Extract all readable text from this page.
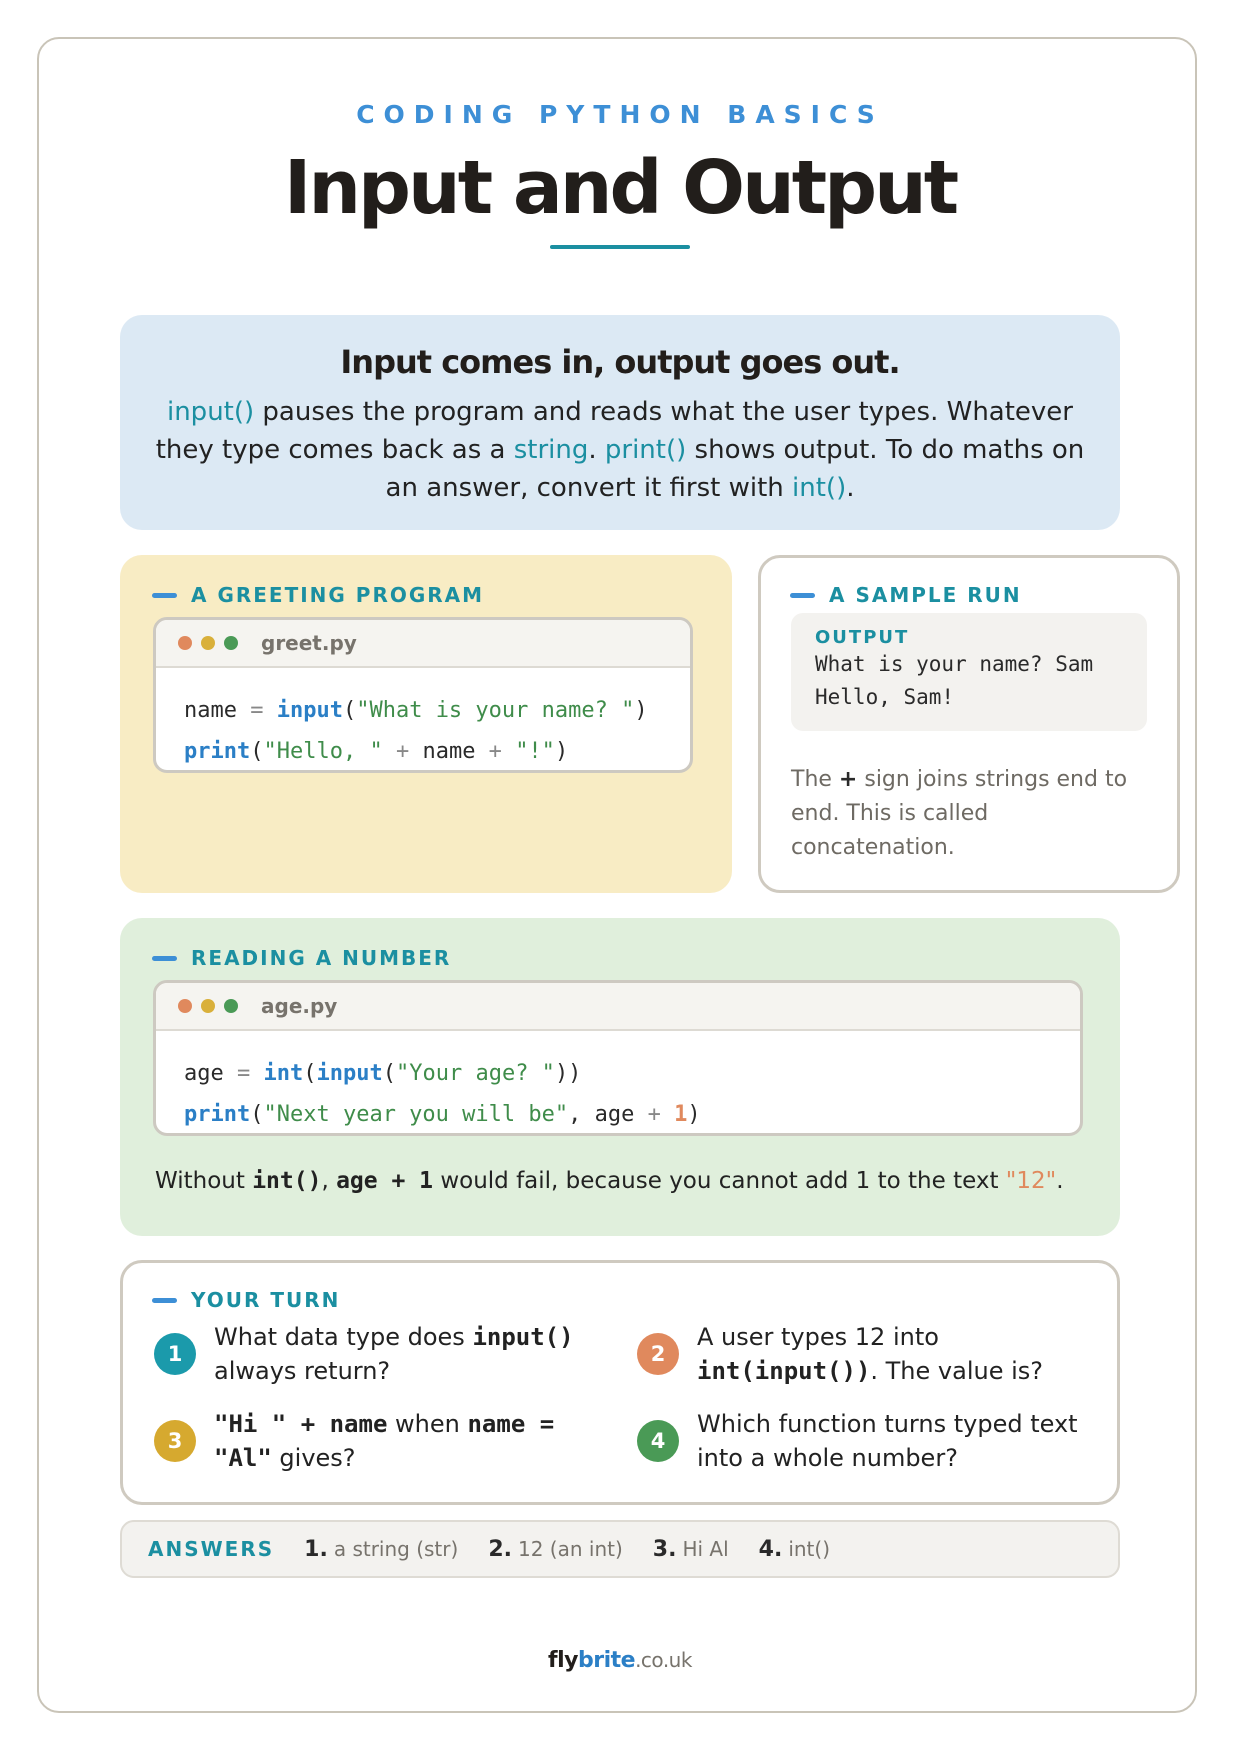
CODING PYTHON BASICS
Input and Output
Input comes in, output goes out.

input() pauses the program and reads what the user types. Whatever they type comes back as a string. print() shows output. To do maths on an answer, convert it first with int().

A GREETING PROGRAM
greet.py
name = input("What is your name? ")
print("Hello, " + name + "!")
A SAMPLE RUN
OUTPUT
What is your name? Sam
Hello, Sam!
The + sign joins strings end to end. This is called concatenation.
READING A NUMBER
age.py
age = int(input("Your age? "))
print("Next year you will be", age + 1)
Without int(), age + 1 would fail, because you cannot add 1 to the text "12".
YOUR TURN
1
What data type does input() always return?
2
A user types 12 into int(input()). The value is?
3
"Hi " + name when name = "Al" gives?
4
Which function turns typed text into a whole number?
ANSWERS 1. a string (str) 2. 12 (an int) 3. Hi Al 4. int()
flybrite.co.uk
